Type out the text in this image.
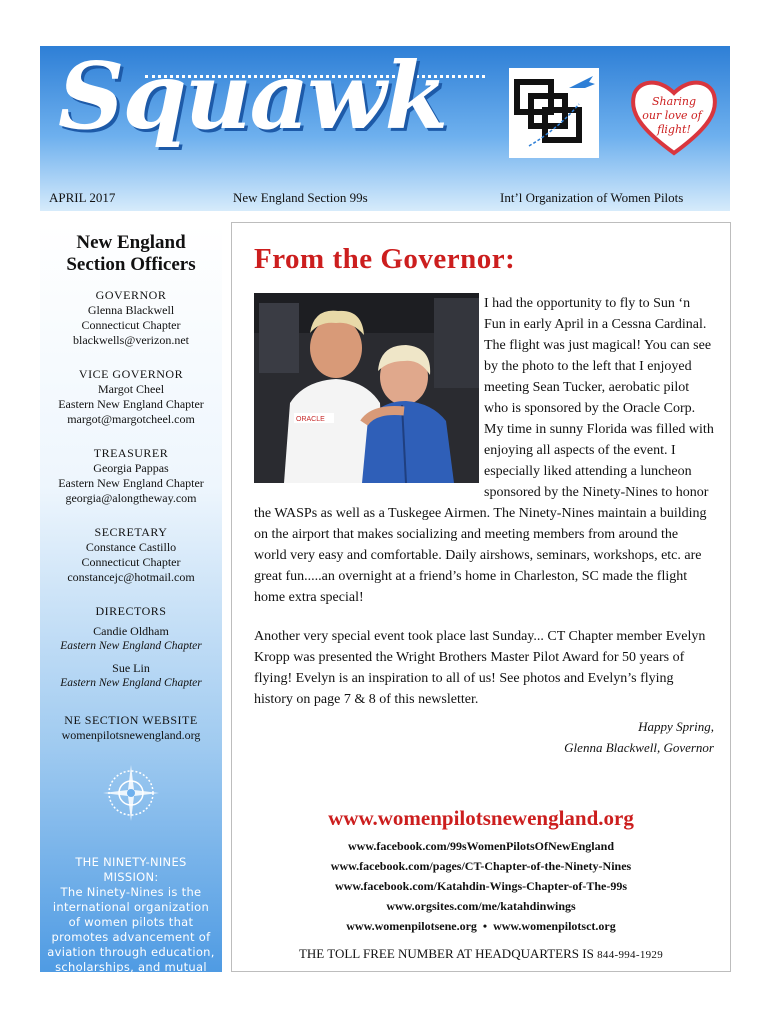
Squawk	Sharing
our love of
flight!
APRIL 2017	New England Section 99s	Int’l Organization of Women Pilots
New England
Section Officers
GOVERNOR
Glenna Blackwell
Connecticut Chapter
blackwells@verizon.net
VICE GOVERNOR
Margot Cheel
Eastern New England Chapter
margot@margotcheel.com
TREASURER
Georgia Pappas
Eastern New England Chapter
georgia@alongtheway.com
SECRETARY
Constance Castillo
Connecticut Chapter
constancejc@hotmail.com
DIRECTORS
Candie Oldham
Eastern New England Chapter
Sue Lin
Eastern New England Chapter
NE SECTION WEBSITE
womenpilotsnewengland.org
THE NINETY-NINES
MISSION:
The Ninety-Nines is the international organization of women pilots that promotes advancement of aviation through education, scholarships, and mutual support while honoring our unique history and sharing our passion for flight.
From the Governor:
ORACLE
I had the opportunity to fly to Sun ‘n Fun in early April in a Cessna Cardinal. The flight was just magical! You can see by the photo to the left that I enjoyed meeting Sean Tucker, aerobatic pilot who is sponsored by the Oracle Corp. My time in sunny Florida was filled with enjoying all aspects of the event. I especially liked attending a luncheon sponsored by the Ninety-Nines to honor the WASPs as well as a Tuskegee Airmen. The Ninety-Nines maintain a building on the airport that makes socializing and meeting members from around the world very easy and comfortable. Daily airshows, seminars, workshops, etc. are great fun.....an overnight at a friend’s home in Charleston, SC made the flight home extra special!
Another very special event took place last Sunday... CT Chapter member Evelyn Kropp was presented the Wright Brothers Master Pilot Award for 50 years of flying! Evelyn is an inspiration to all of us! See photos and Evelyn’s flying history on page 7 & 8 of this newsletter.
Happy Spring,
Glenna Blackwell, Governor
www.womenpilotsnewengland.org
www.facebook.com/99sWomenPilotsOfNewEngland
www.facebook.com/pages/CT-Chapter-of-the-Ninety-Nines
www.facebook.com/Katahdin-Wings-Chapter-of-The-99s
www.orgsites.com/me/katahdinwings
www.womenpilotsene.org  •  www.womenpilotsct.org
THE TOLL FREE NUMBER AT HEADQUARTERS IS 844-994-1929
